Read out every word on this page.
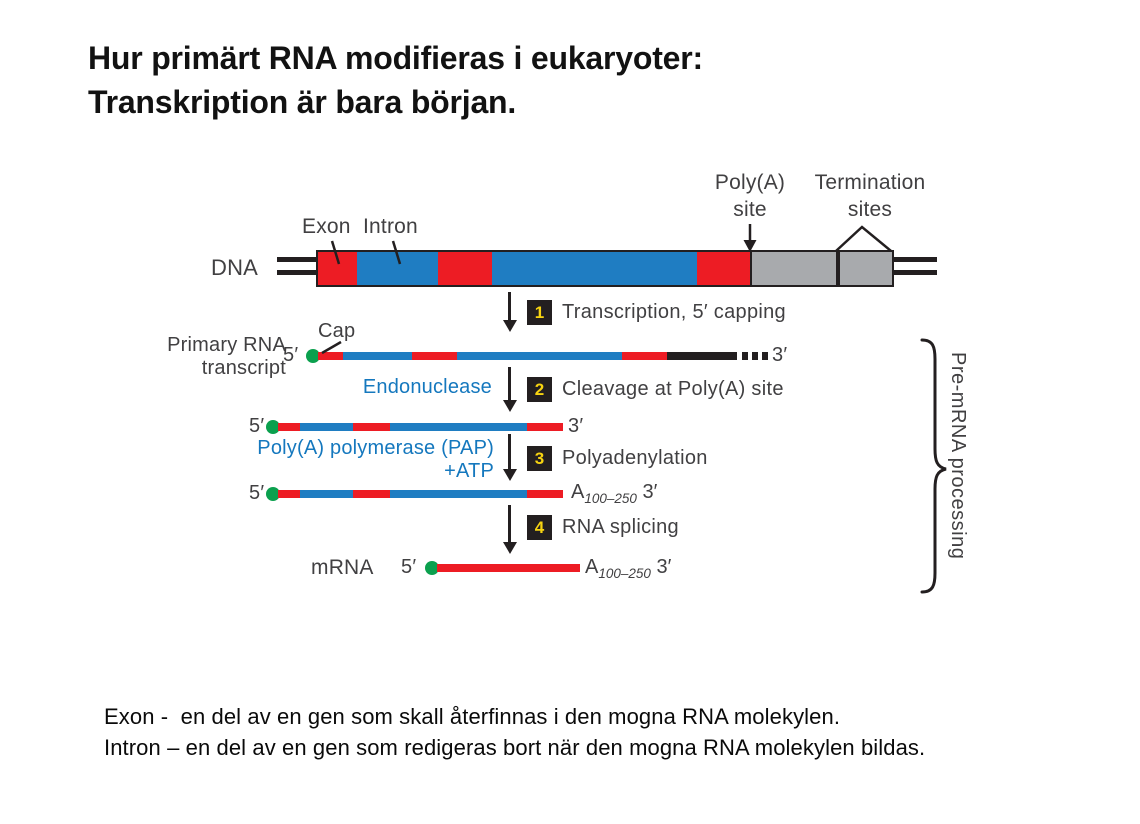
Hur primärt RNA modifieras i eukaryoter:
Transkription är bara början.
Poly(A)
site
Termination
sites
Exon Intron
DNA
1 Transcription, 5′ capping
Primary RNA
transcript
Cap
5′	3′
Endonuclease	2 Cleavage at Poly(A) site
5′	3′
Poly(A) polymerase (PAP)
+ATP
3 Polyadenylation
5′	$A_{100-250}$ 3′
4 RNA splicing
mRNA 5′	$A_{100-250}$ 3′
Pre-mRNA processing
Exon -  en del av en gen som skall återfinnas i den mogna RNA molekylen.
Intron – en del av en gen som redigeras bort när den mogna RNA molekylen bildas.
